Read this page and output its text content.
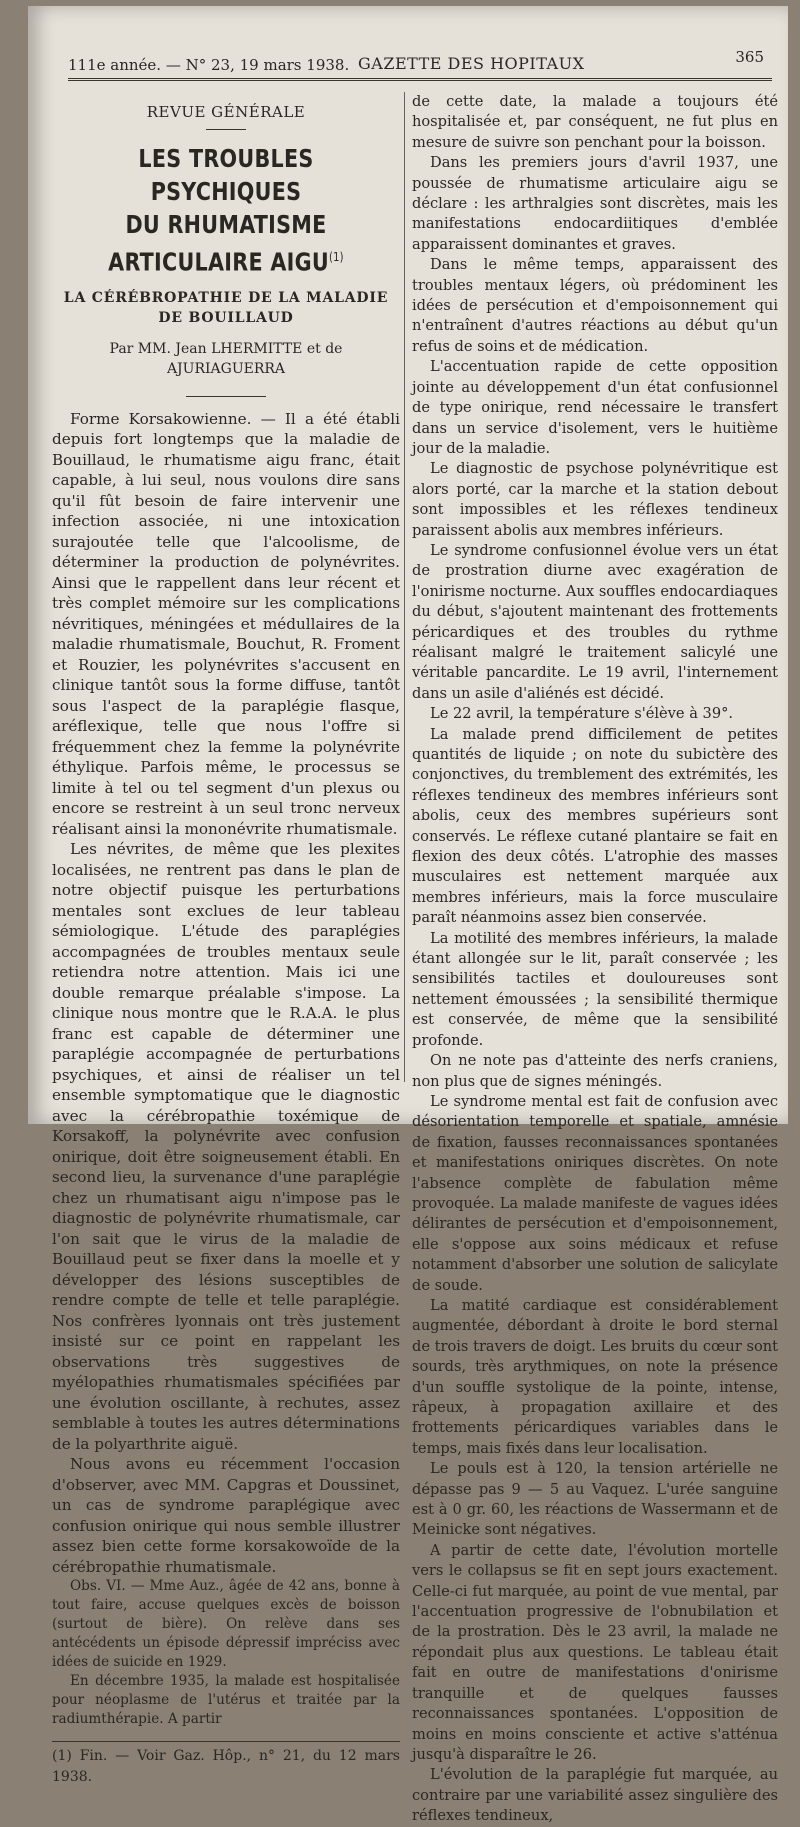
111e année. — N° 23, 19 mars 1938. GAZETTE DES HOPITAUX	365
REVUE GÉNÉRALE
LES TROUBLES PSYCHIQUES
DU RHUMATISME ARTICULAIRE AIGU$^{(1)}$
LA CÉRÉBROPATHIE DE LA MALADIE DE BOUILLAUD
Par MM. Jean LHERMITTE et de AJURIAGUERRA

Forme Korsakowienne. — Il a été établi depuis fort longtemps que la maladie de Bouillaud, le rhumatisme aigu franc, était capable, à lui seul, nous voulons dire sans qu'il fût besoin de faire intervenir une infection associée, ni une intoxication surajoutée telle que l'alcoolisme, de déterminer la production de polynévrites. Ainsi que le rappellent dans leur récent et très complet mémoire sur les complications névritiques, méningées et médullaires de la maladie rhumatismale, Bouchut, R. Froment et Rouzier, les polynévrites s'accusent en clinique tantôt sous la forme diffuse, tantôt sous l'aspect de la paraplégie flasque, aréflexique, telle que nous l'offre si fréquemment chez la femme la polynévrite éthylique. Parfois même, le processus se limite à tel ou tel segment d'un plexus ou encore se restreint à un seul tronc nerveux réalisant ainsi la mononévrite rhumatismale.

Les névrites, de même que les plexites localisées, ne rentrent pas dans le plan de notre objectif puisque les perturbations mentales sont exclues de leur tableau sémiologique. L'étude des paraplégies accompagnées de troubles mentaux seule retiendra notre attention. Mais ici une double remarque préalable s'impose. La clinique nous montre que le R.A.A. le plus franc est capable de déterminer une paraplégie accompagnée de perturbations psychiques, et ainsi de réaliser un tel ensemble symptomatique que le diagnostic avec la cérébropathie toxémique de Korsakoff, la polynévrite avec confusion onirique, doit être soigneusement établi. En second lieu, la survenance d'une paraplégie chez un rhumatisant aigu n'impose pas le diagnostic de polynévrite rhumatismale, car l'on sait que le virus de la maladie de Bouillaud peut se fixer dans la moelle et y développer des lésions susceptibles de rendre compte de telle et telle paraplégie. Nos confrères lyonnais ont très justement insisté sur ce point en rappelant les observations très suggestives de myélopathies rhumatismales spécifiées par une évolution oscillante, à rechutes, assez semblable à toutes les autres déterminations de la polyarthrite aiguë.

Nous avons eu récemment l'occasion d'observer, avec MM. Capgras et Doussinet, un cas de syndrome paraplégique avec confusion onirique qui nous semble illustrer assez bien cette forme korsakowoïde de la cérébropathie rhumatismale.

Obs. VI. — Mme Auz., âgée de 42 ans, bonne à tout faire, accuse quelques excès de boisson (surtout de bière). On relève dans ses antécédents un épisode dépressif impréciss avec idées de suicide en 1929.

En décembre 1935, la malade est hospitalisée pour néoplasme de l'utérus et traitée par la radiumthérapie. A partir

(1) Fin. — Voir Gaz. Hôp., n° 21, du 12 mars 1938.

de cette date, la malade a toujours été hospitalisée et, par conséquent, ne fut plus en mesure de suivre son penchant pour la boisson.

Dans les premiers jours d'avril 1937, une poussée de rhumatisme articulaire aigu se déclare : les arthralgies sont discrètes, mais les manifestations endocardiitiques d'emblée apparaissent dominantes et graves.

Dans le même temps, apparaissent des troubles mentaux légers, où prédominent les idées de persécution et d'empoisonnement qui n'entraînent d'autres réactions au début qu'un refus de soins et de médication.

L'accentuation rapide de cette opposition jointe au développement d'un état confusionnel de type onirique, rend nécessaire le transfert dans un service d'isolement, vers le huitième jour de la maladie.

Le diagnostic de psychose polynévritique est alors porté, car la marche et la station debout sont impossibles et les réflexes tendineux paraissent abolis aux membres inférieurs.

Le syndrome confusionnel évolue vers un état de prostration diurne avec exagération de l'onirisme nocturne. Aux souffles endocardiaques du début, s'ajoutent maintenant des frottements péricardiques et des troubles du rythme réalisant malgré le traitement salicylé une véritable pancardite. Le 19 avril, l'internement dans un asile d'aliénés est décidé.

Le 22 avril, la température s'élève à 39°.

La malade prend difficilement de petites quantités de liquide ; on note du subictère des conjonctives, du tremblement des extrémités, les réflexes tendineux des membres inférieurs sont abolis, ceux des membres supérieurs sont conservés. Le réflexe cutané plantaire se fait en flexion des deux côtés. L'atrophie des masses musculaires est nettement marquée aux membres inférieurs, mais la force musculaire paraît néanmoins assez bien conservée.

La motilité des membres inférieurs, la malade étant allongée sur le lit, paraît conservée ; les sensibilités tactiles et douloureuses sont nettement émoussées ; la sensibilité thermique est conservée, de même que la sensibilité profonde.

On ne note pas d'atteinte des nerfs craniens, non plus que de signes méningés.

Le syndrome mental est fait de confusion avec désorientation temporelle et spatiale, amnésie de fixation, fausses reconnaissances spontanées et manifestations oniriques discrètes. On note l'absence complète de fabulation même provoquée. La malade manifeste de vagues idées délirantes de persécution et d'empoisonnement, elle s'oppose aux soins médicaux et refuse notamment d'absorber une solution de salicylate de soude.

La matité cardiaque est considérablement augmentée, débordant à droite le bord sternal de trois travers de doigt. Les bruits du cœur sont sourds, très arythmiques, on note la présence d'un souffle systolique de la pointe, intense, râpeux, à propagation axillaire et des frottements péricardiques variables dans le temps, mais fixés dans leur localisation.

Le pouls est à 120, la tension artérielle ne dépasse pas 9 — 5 au Vaquez. L'urée sanguine est à 0 gr. 60, les réactions de Wassermann et de Meinicke sont négatives.

A partir de cette date, l'évolution mortelle vers le collapsus se fit en sept jours exactement. Celle-ci fut marquée, au point de vue mental, par l'accentuation progressive de l'obnubilation et de la prostration. Dès le 23 avril, la malade ne répondait plus aux questions. Le tableau était fait en outre de manifestations d'onirisme tranquille et de quelques fausses reconnaissances spontanées. L'opposition de moins en moins consciente et active s'atténua jusqu'à disparaître le 26.

L'évolution de la paraplégie fut marquée, au contraire par une variabilité assez singulière des réflexes tendineux,
